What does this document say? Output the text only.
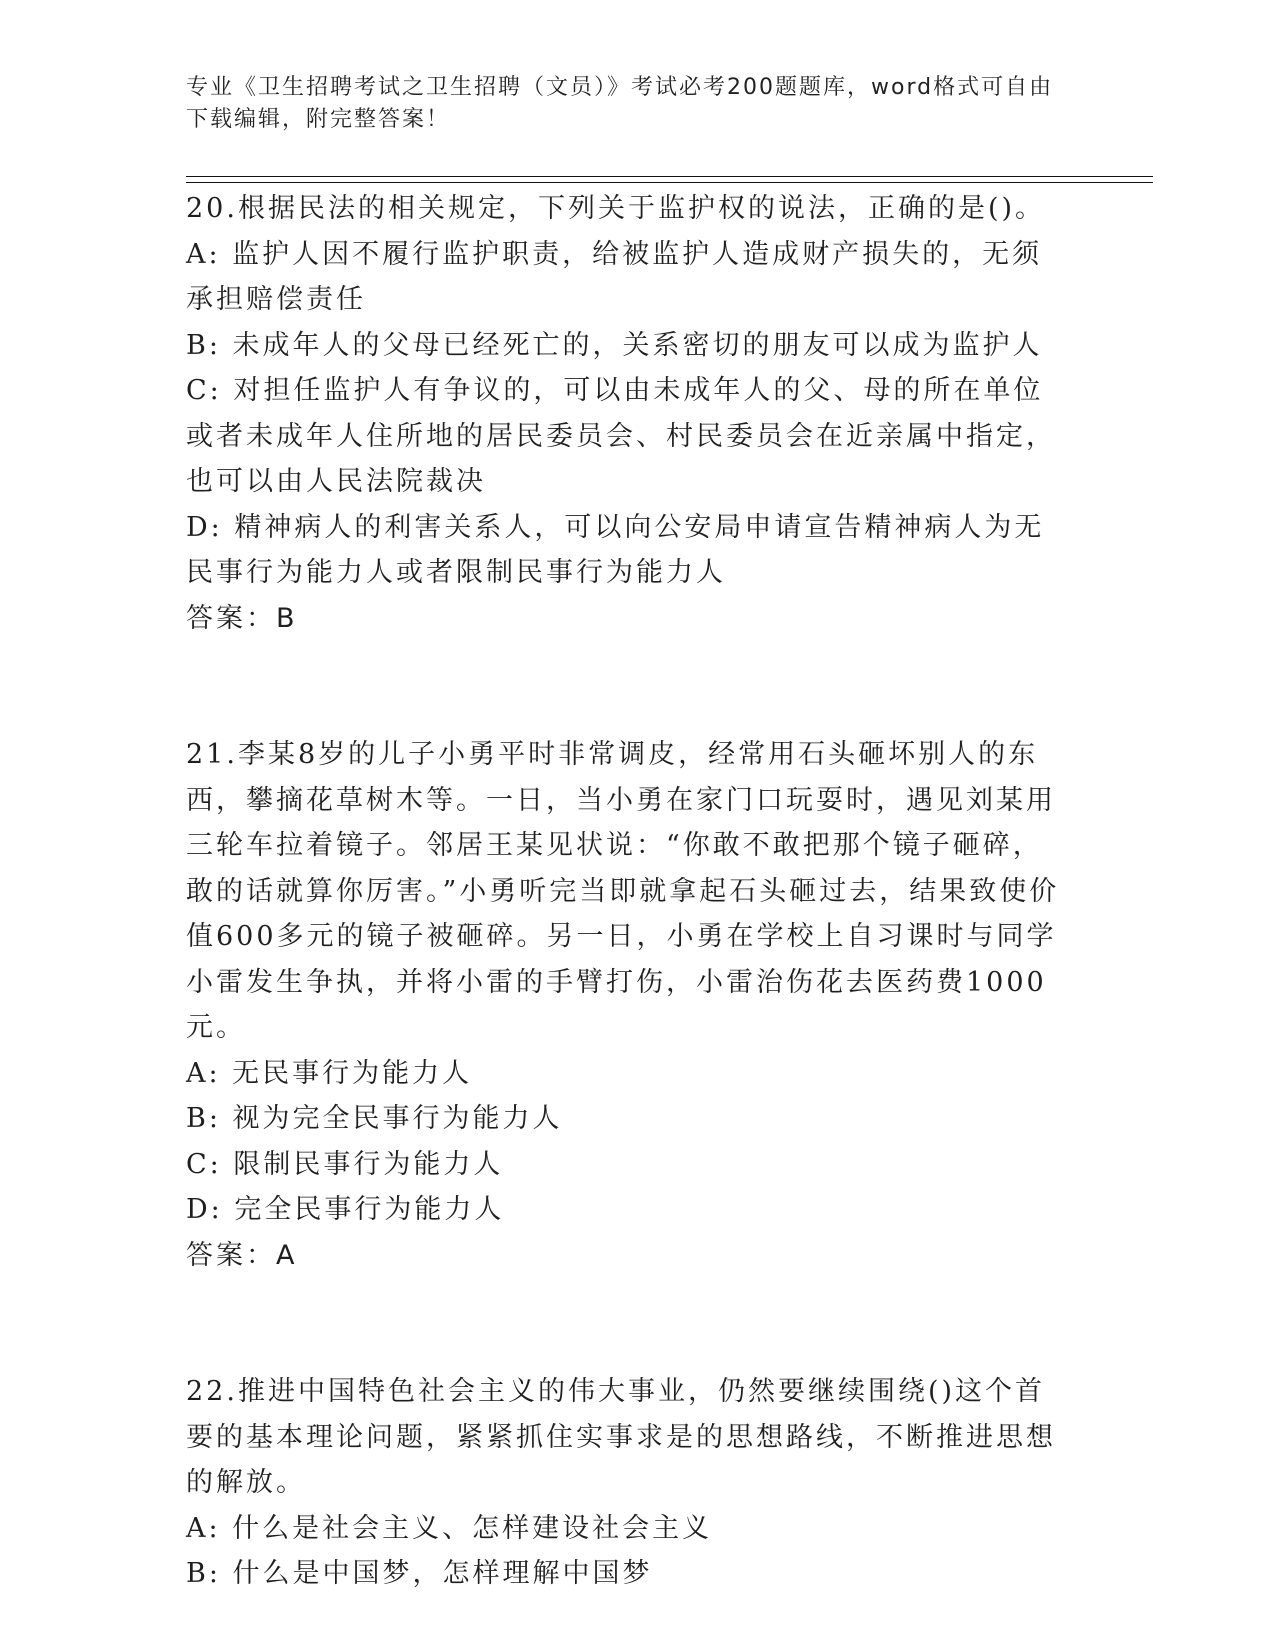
专业《卫生招聘考试之卫生招聘（文员）》考试必考200题题库，word格式可自由下载编辑，附完整答案！
20.根据民法的相关规定，下列关于监护权的说法，正确的是()。
A: 监护人因不履行监护职责，给被监护人造成财产损失的，无须承担赔偿责任
B: 未成年人的父母已经死亡的，关系密切的朋友可以成为监护人
C: 对担任监护人有争议的，可以由未成年人的父、母的所在单位或者未成年人住所地的居民委员会、村民委员会在近亲属中指定，也可以由人民法院裁决
D: 精神病人的利害关系人，可以向公安局申请宣告精神病人为无民事行为能力人或者限制民事行为能力人
答案：B
21.李某8岁的儿子小勇平时非常调皮，经常用石头砸坏别人的东西，攀摘花草树木等。一日，当小勇在家门口玩耍时，遇见刘某用三轮车拉着镜子。邻居王某见状说：“你敢不敢把那个镜子砸碎，敢的话就算你厉害。”小勇听完当即就拿起石头砸过去，结果致使价值600多元的镜子被砸碎。另一日，小勇在学校上自习课时与同学小雷发生争执，并将小雷的手臂打伤，小雷治伤花去医药费1000元。
A: 无民事行为能力人
B: 视为完全民事行为能力人
C: 限制民事行为能力人
D: 完全民事行为能力人
答案：A
22.推进中国特色社会主义的伟大事业，仍然要继续围绕()这个首要的基本理论问题，紧紧抓住实事求是的思想路线，不断推进思想的解放。
A: 什么是社会主义、怎样建设社会主义
B: 什么是中国梦，怎样理解中国梦
